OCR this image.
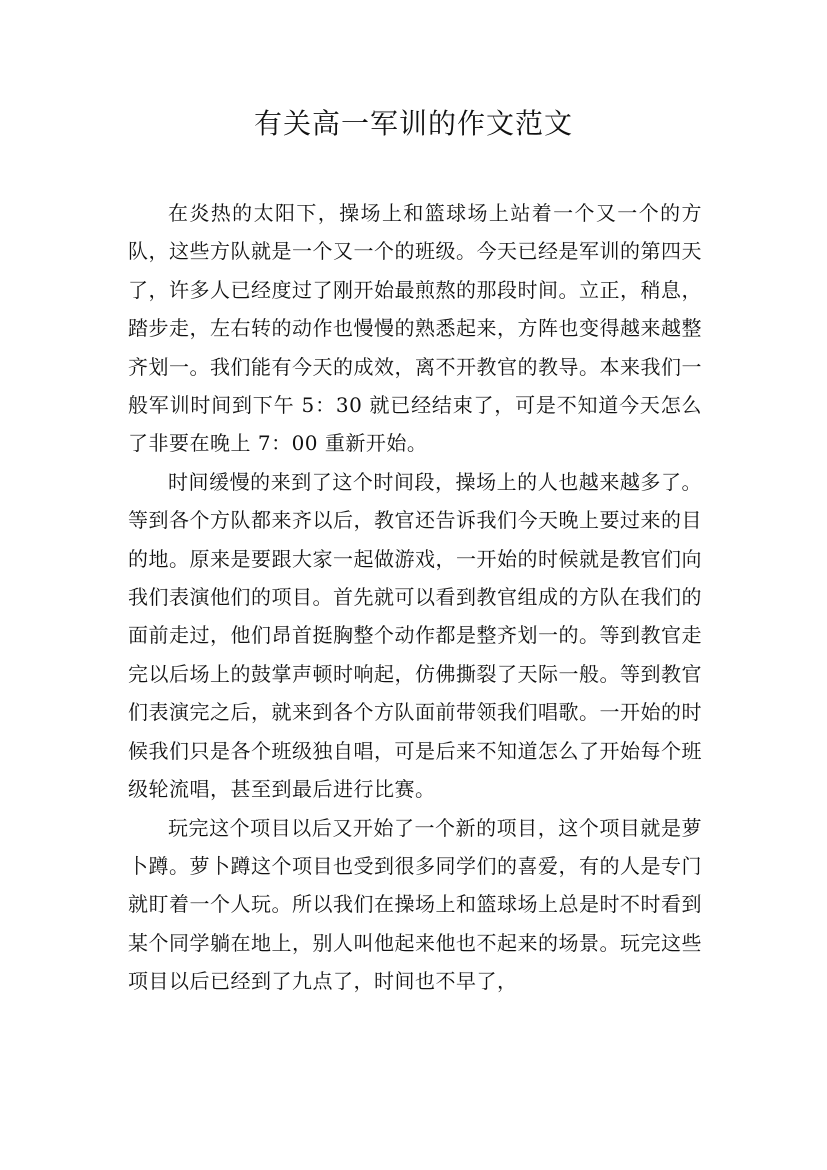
有关高一军训的作文范文

在炎热的太阳下，操场上和篮球场上站着一个又一个的方队，这些方队就是一个又一个的班级。今天已经是军训的第四天了，许多人已经度过了刚开始最煎熬的那段时间。立正，稍息，踏步走，左右转的动作也慢慢的熟悉起来，方阵也变得越来越整齐划一。我们能有今天的成效，离不开教官的教导。本来我们一般军训时间到下午 5：30 就已经结束了，可是不知道今天怎么了非要在晚上 7：00 重新开始。

时间缓慢的来到了这个时间段，操场上的人也越来越多了。等到各个方队都来齐以后，教官还告诉我们今天晚上要过来的目的地。原来是要跟大家一起做游戏，一开始的时候就是教官们向我们表演他们的项目。首先就可以看到教官组成的方队在我们的面前走过，他们昂首挺胸整个动作都是整齐划一的。等到教官走完以后场上的鼓掌声顿时响起，仿佛撕裂了天际一般。等到教官们表演完之后，就来到各个方队面前带领我们唱歌。一开始的时候我们只是各个班级独自唱，可是后来不知道怎么了开始每个班级轮流唱，甚至到最后进行比赛。

玩完这个项目以后又开始了一个新的项目，这个项目就是萝卜蹲。萝卜蹲这个项目也受到很多同学们的喜爱，有的人是专门就盯着一个人玩。所以我们在操场上和篮球场上总是时不时看到某个同学躺在地上，别人叫他起来他也不起来的场景。玩完这些项目以后已经到了九点了，时间也不早了，
